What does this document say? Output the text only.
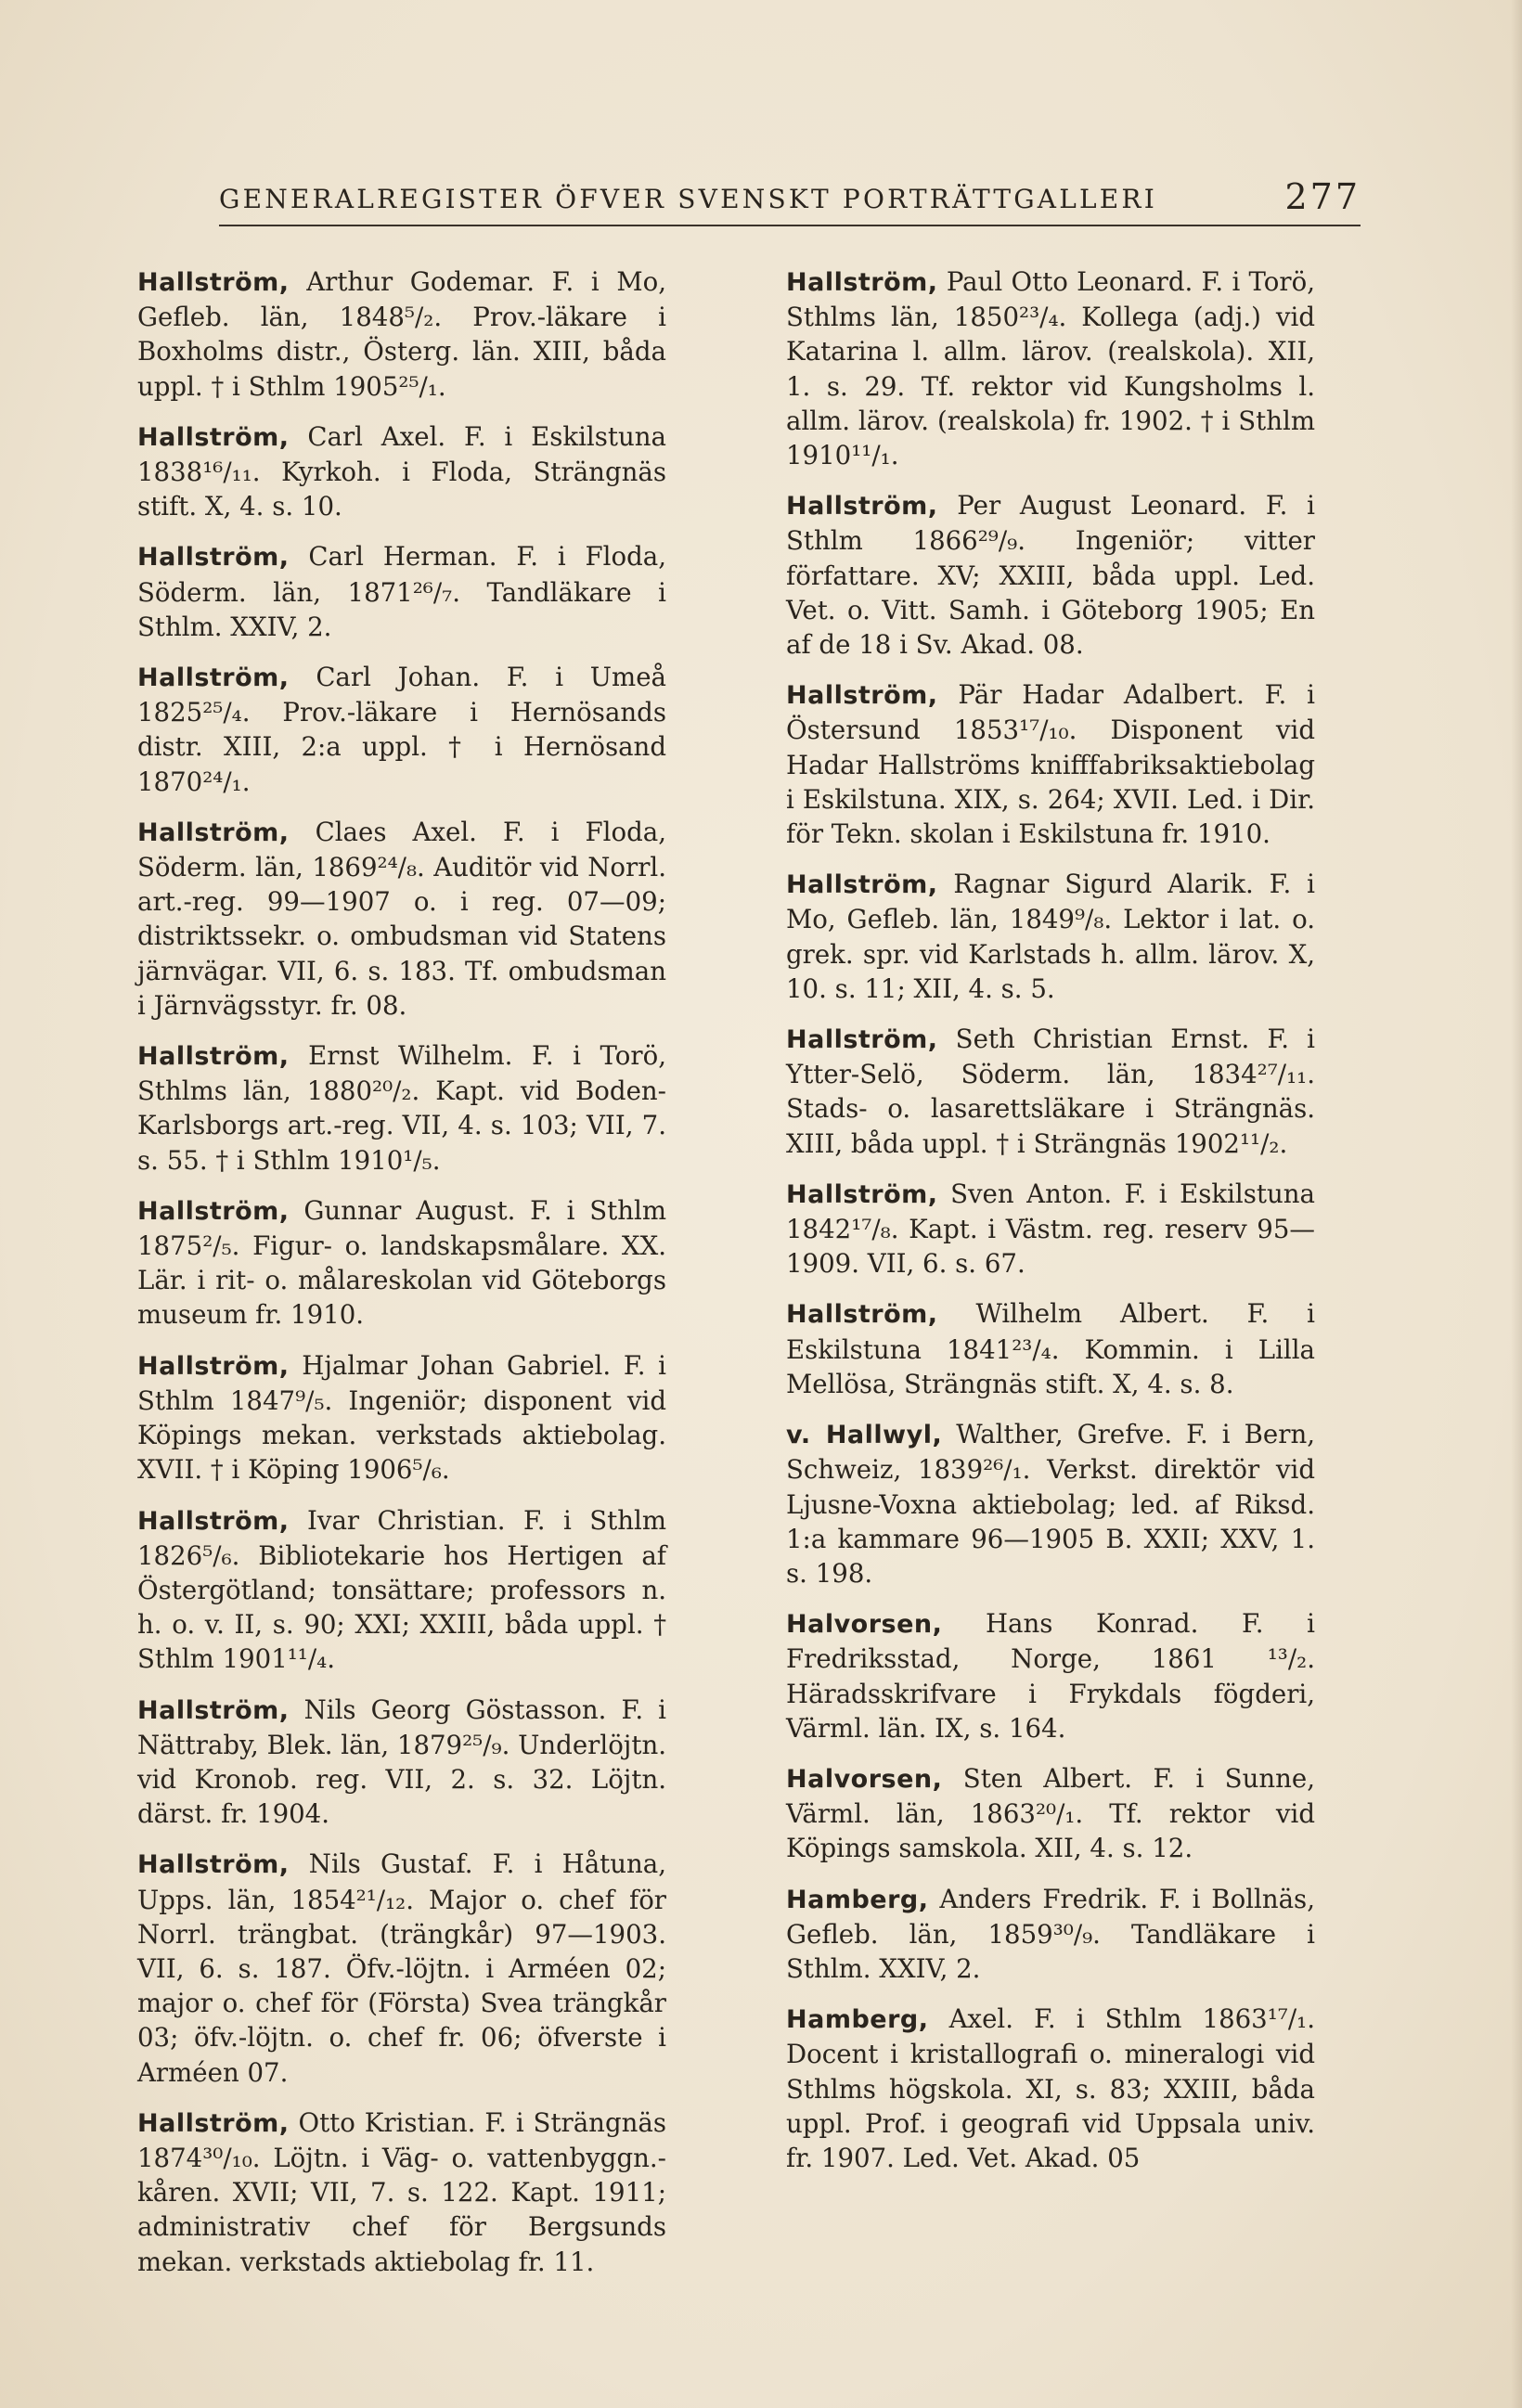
GENERALREGISTER ÖFVER SVENSKT PORTRÄTTGALLERI	277
Hallström, Arthur Godemar. F. i Mo, Gefleb. län, 1848⁵/₂. Prov.-läkare i Boxholms distr., Österg. län. XIII, båda uppl. † i Sthlm 1905²⁵/₁.
Hallström, Carl Axel. F. i Eskilstuna 1838¹⁶/₁₁. Kyrkoh. i Floda, Strängnäs stift. X, 4. s. 10.
Hallström, Carl Herman. F. i Floda, Söderm. län, 1871²⁶/₇. Tandläkare i Sthlm. XXIV, 2.
Hallström, Carl Johan. F. i Umeå 1825²⁵/₄. Prov.-läkare i Hernösands distr. XIII, 2:a uppl. † i Hernösand 1870²⁴/₁.
Hallström, Claes Axel. F. i Floda, Söderm. län, 1869²⁴/₈. Auditör vid Norrl. art.-reg. 99—1907 o. i reg. 07—09; distriktssekr. o. ombudsman vid Statens järnvägar. VII, 6. s. 183. Tf. ombudsman i Järnvägsstyr. fr. 08.
Hallström, Ernst Wilhelm. F. i Torö, Sthlms län, 1880²⁰/₂. Kapt. vid Boden-Karlsborgs art.-reg. VII, 4. s. 103; VII, 7. s. 55. † i Sthlm 1910¹/₅.
Hallström, Gunnar August. F. i Sthlm 1875²/₅. Figur- o. landskapsmålare. XX. Lär. i rit- o. målareskolan vid Göteborgs museum fr. 1910.
Hallström, Hjalmar Johan Gabriel. F. i Sthlm 1847⁹/₅. Ingeniör; disponent vid Köpings mekan. verkstads aktiebolag. XVII. † i Köping 1906⁵/₆.
Hallström, Ivar Christian. F. i Sthlm 1826⁵/₆. Bibliotekarie hos Hertigen af Östergötland; tonsättare; professors n. h. o. v. II, s. 90; XXI; XXIII, båda uppl. † Sthlm 1901¹¹/₄.
Hallström, Nils Georg Göstasson. F. i Nättraby, Blek. län, 1879²⁵/₉. Underlöjtn. vid Kronob. reg. VII, 2. s. 32. Löjtn. därst. fr. 1904.
Hallström, Nils Gustaf. F. i Håtuna, Upps. län, 1854²¹/₁₂. Major o. chef för Norrl. trängbat. (trängkår) 97—1903. VII, 6. s. 187. Öfv.-löjtn. i Arméen 02; major o. chef för (Första) Svea trängkår 03; öfv.-löjtn. o. chef fr. 06; öfverste i Arméen 07.
Hallström, Otto Kristian. F. i Strängnäs 1874³⁰/₁₀. Löjtn. i Väg- o. vattenbyggn.-kåren. XVII; VII, 7. s. 122. Kapt. 1911; administrativ chef för Bergsunds mekan. verkstads aktiebolag fr. 11.
Hallström, Paul Otto Leonard. F. i Torö, Sthlms län, 1850²³/₄. Kollega (adj.) vid Katarina l. allm. lärov. (realskola). XII, 1. s. 29. Tf. rektor vid Kungsholms l. allm. lärov. (realskola) fr. 1902. † i Sthlm 1910¹¹/₁.
Hallström, Per August Leonard. F. i Sthlm 1866²⁹/₉. Ingeniör; vitter författare. XV; XXIII, båda uppl. Led. Vet. o. Vitt. Samh. i Göteborg 1905; En af de 18 i Sv. Akad. 08.
Hallström, Pär Hadar Adalbert. F. i Östersund 1853¹⁷/₁₀. Disponent vid Hadar Hallströms knifffabriksaktiebolag i Eskilstuna. XIX, s. 264; XVII. Led. i Dir. för Tekn. skolan i Eskilstuna fr. 1910.
Hallström, Ragnar Sigurd Alarik. F. i Mo, Gefleb. län, 1849⁹/₈. Lektor i lat. o. grek. spr. vid Karlstads h. allm. lärov. X, 10. s. 11; XII, 4. s. 5.
Hallström, Seth Christian Ernst. F. i Ytter-Selö, Söderm. län, 1834²⁷/₁₁. Stads- o. lasarettsläkare i Strängnäs. XIII, båda uppl. † i Strängnäs 1902¹¹/₂.
Hallström, Sven Anton. F. i Eskilstuna 1842¹⁷/₈. Kapt. i Västm. reg. reserv 95—1909. VII, 6. s. 67.
Hallström, Wilhelm Albert. F. i Eskilstuna 1841²³/₄. Kommin. i Lilla Mellösa, Strängnäs stift. X, 4. s. 8.
v. Hallwyl, Walther, Grefve. F. i Bern, Schweiz, 1839²⁶/₁. Verkst. direktör vid Ljusne-Voxna aktiebolag; led. af Riksd. 1:a kammare 96—1905 B. XXII; XXV, 1. s. 198.
Halvorsen, Hans Konrad. F. i Fredriksstad, Norge, 1861 ¹³/₂. Häradsskrifvare i Frykdals fögderi, Värml. län. IX, s. 164.
Halvorsen, Sten Albert. F. i Sunne, Värml. län, 1863²⁰/₁. Tf. rektor vid Köpings samskola. XII, 4. s. 12.
Hamberg, Anders Fredrik. F. i Bollnäs, Gefleb. län, 1859³⁰/₉. Tandläkare i Sthlm. XXIV, 2.
Hamberg, Axel. F. i Sthlm 1863¹⁷/₁. Docent i kristallografi o. mineralogi vid Sthlms högskola. XI, s. 83; XXIII, båda uppl. Prof. i geografi vid Uppsala univ. fr. 1907. Led. Vet. Akad. 05
